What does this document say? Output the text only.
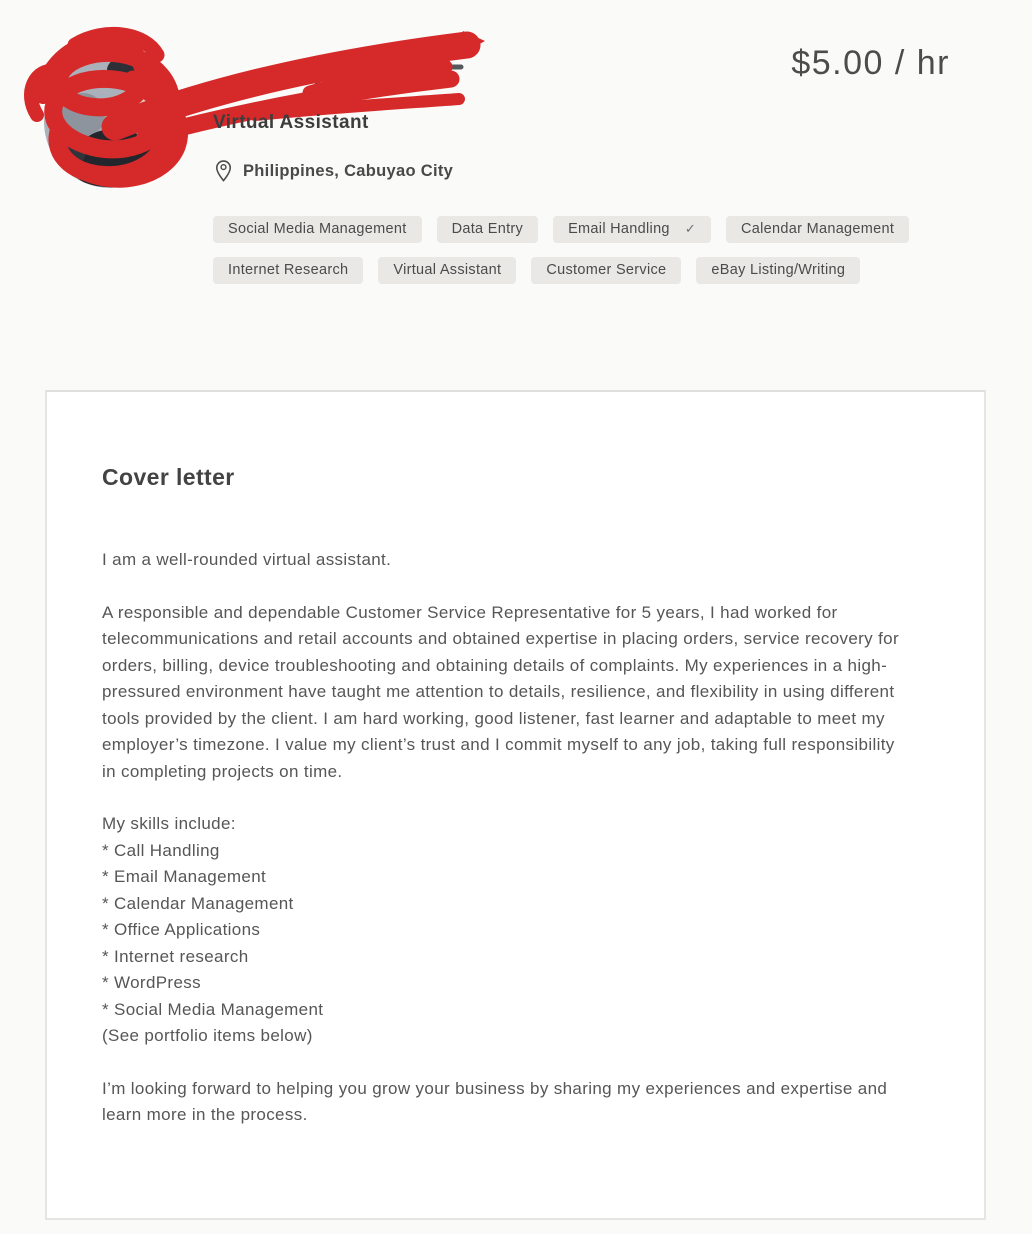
Virtual Assistant
Philippines, Cabuyao City
$5.00 / hr
Social Media Management	Data Entry	Email Handling ✓	Calendar Management
Internet Research	Virtual Assistant	Customer Service	eBay Listing/Writing
Cover letter

I am a well-rounded virtual assistant.

A responsible and dependable Customer Service Representative for 5 years, I had worked for telecommunications and retail accounts and obtained expertise in placing orders, service recovery for orders, billing, device troubleshooting and obtaining details of complaints. My experiences in a high-pressured environment have taught me attention to details, resilience, and flexibility in using different tools provided by the client. I am hard working, good listener, fast learner and adaptable to meet my employer’s timezone. I value my client’s trust and I commit myself to any job, taking full responsibility in completing projects on time.

My skills include:
* Call Handling
* Email Management
* Calendar Management
* Office Applications
* Internet research
* WordPress
* Social Media Management
(See portfolio items below)

I’m looking forward to helping you grow your business by sharing my experiences and expertise and learn more in the process.
